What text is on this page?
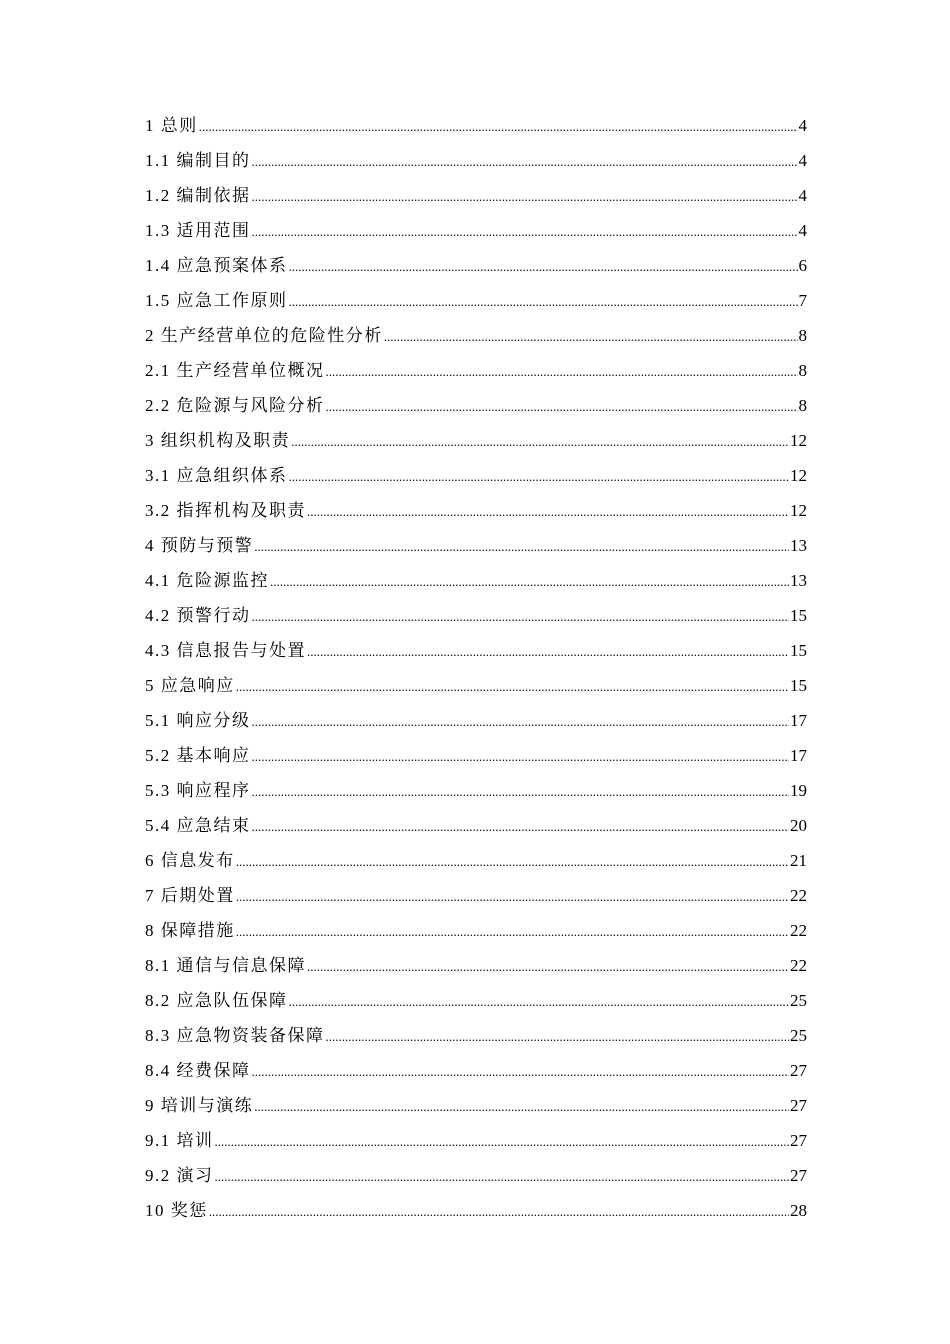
1 总则 .....	4
1.1 编制目的 .....	4
1.2 编制依据 .....	4
1.3 适用范围 .....	4
1.4 应急预案体系 .....	6
1.5 应急工作原则 .....	7
2 生产经营单位的危险性分析 .....	8
2.1 生产经营单位概况 .....	8
2.2 危险源与风险分析 .....	8
3 组织机构及职责 .....	12
3.1 应急组织体系 .....	12
3.2 指挥机构及职责 .....	12
4 预防与预警 .....	13
4.1 危险源监控 .....	13
4.2 预警行动 .....	15
4.3 信息报告与处置 .....	15
5 应急响应 .....	15
5.1 响应分级 .....	17
5.2 基本响应 .....	17
5.3 响应程序 .....	19
5.4 应急结束 .....	20
6 信息发布 .....	21
7 后期处置 .....	22
8 保障措施 .....	22
8.1 通信与信息保障 .....	22
8.2 应急队伍保障 .....	25
8.3 应急物资装备保障 .....	25
8.4 经费保障 .....	27
9 培训与演练 .....	27
9.1 培训 .....	27
9.2 演习 .....	27
10 奖惩 .....	28
